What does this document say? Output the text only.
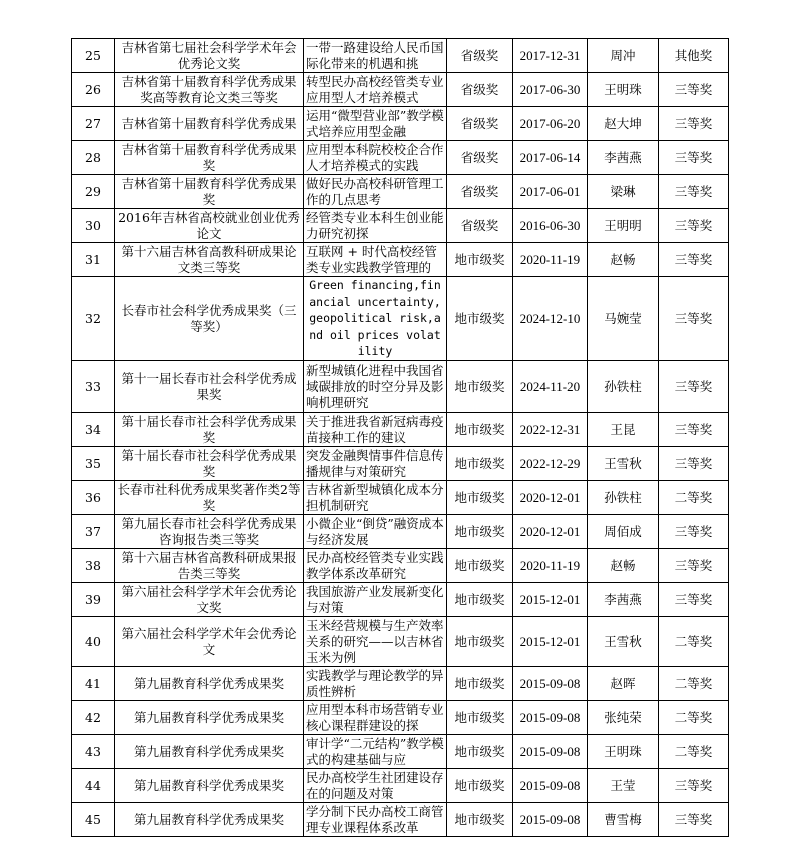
25	吉林省第七届社会科学学术年会优秀论文奖	一带一路建设给人民币国际化带来的机遇和挑	省级奖	2017-12-31	周冲	其他奖

26	吉林省第十届教育科学优秀成果奖高等教育论文类三等奖	转型民办高校经管类专业应用型人才培养模式	省级奖	2017-06-30	王明珠	三等奖

27	吉林省第十届教育科学优秀成果	运用“微型营业部”教学模式培养应用型金融	省级奖	2017-06-20	赵大坤	三等奖

28	吉林省第十届教育科学优秀成果奖	应用型本科院校校企合作人才培养模式的实践	省级奖	2017-06-14	李茜燕	三等奖

29	吉林省第十届教育科学优秀成果奖	做好民办高校科研管理工作的几点思考	省级奖	2017-06-01	梁琳	三等奖

30	2016年吉林省高校就业创业优秀论文	经管类专业本科生创业能力研究初探	省级奖	2016-06-30	王明明	三等奖

31	第十六届吉林省高教科研成果论文类三等奖	互联网 + 时代高校经管类专业实践教学管理的	地市级奖	2020-11-19	赵畅	三等奖

32	长春市社会科学优秀成果奖（三等奖）	Green financing,financial uncertainty,geopolitical risk,and oil prices volatility	地市级奖	2024-12-10	马婉莹	三等奖

33	第十一届长春市社会科学优秀成果奖	新型城镇化进程中我国省域碳排放的时空分异及影响机理研究	地市级奖	2024-11-20	孙铁柱	三等奖

34	第十届长春市社会科学优秀成果奖	关于推进我省新冠病毒疫苗接种工作的建议	地市级奖	2022-12-31	王昆	三等奖

35	第十届长春市社会科学优秀成果奖	突发金融舆情事件信息传播规律与对策研究	地市级奖	2022-12-29	王雪秋	三等奖

36	长春市社科优秀成果奖著作类2等奖	吉林省新型城镇化成本分担机制研究	地市级奖	2020-12-01	孙铁柱	二等奖

37	第九届长春市社会科学优秀成果咨询报告类三等奖	小微企业“倒贷”融资成本与经济发展	地市级奖	2020-12-01	周佰成	三等奖

38	第十六届吉林省高教科研成果报告类三等奖	民办高校经管类专业实践教学体系改革研究	地市级奖	2020-11-19	赵畅	三等奖

39	第六届社会科学学术年会优秀论文奖	我国旅游产业发展新变化与对策	地市级奖	2015-12-01	李茜燕	三等奖

40	第六届社会科学学术年会优秀论文	玉米经营规模与生产效率关系的研究——以吉林省玉米为例	地市级奖	2015-12-01	王雪秋	二等奖

41	第九届教育科学优秀成果奖	实践教学与理论教学的异质性辨析	地市级奖	2015-09-08	赵晖	二等奖

42	第九届教育科学优秀成果奖	应用型本科市场营销专业核心课程群建设的探	地市级奖	2015-09-08	张纯荣	二等奖

43	第九届教育科学优秀成果奖	审计学“二元结构”教学模式的构建基础与应	地市级奖	2015-09-08	王明珠	二等奖

44	第九届教育科学优秀成果奖	民办高校学生社团建设存在的问题及对策	地市级奖	2015-09-08	王莹	三等奖

45	第九届教育科学优秀成果奖	学分制下民办高校工商管理专业课程体系改革	地市级奖	2015-09-08	曹雪梅	三等奖
